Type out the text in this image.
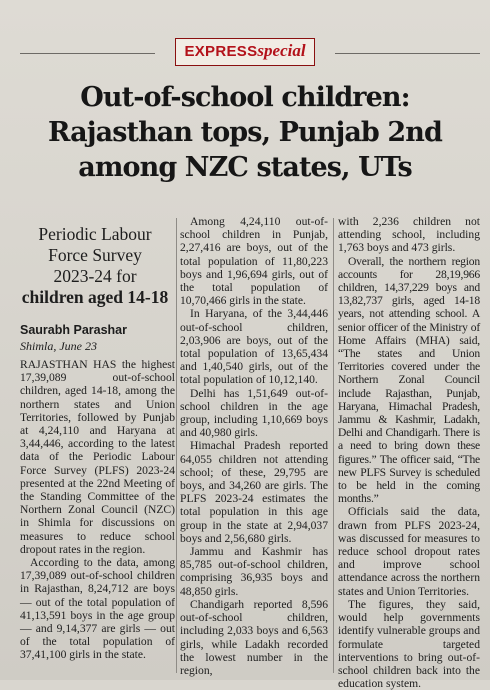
EXPRESSspecial
Out-of-school children:
Rajasthan tops, Punjab 2nd
among NZC states, UTs
Periodic Labour
Force Survey
2023-24 for
children aged 14-18
Saurabh Parashar
Shimla, June 23

RAJASTHAN HAS the highest 17,39,089 out-of-school children, aged 14-18, among the northern states and Union Territories, followed by Punjab at 4,24,110 and Haryana at 3,44,446, according to the latest data of the Periodic Labour Force Survey (PLFS) 2023-24 presented at the 22nd Meeting of the Standing Committee of the Northern Zonal Council (NZC) in Shimla for discussions on measures to reduce school dropout rates in the region.

According to the data, among 17,39,089 out-of-school children in Rajasthan, 8,24,712 are boys — out of the total population of 41,13,591 boys in the age group — and 9,14,377 are girls — out of the total population of 37,41,100 girls in the state.

Among 4,24,110 out-of-school children in Punjab, 2,27,416 are boys, out of the total population of 11,80,223 boys and 1,96,694 girls, out of the total population of 10,70,466 girls in the state.

In Haryana, of the 3,44,446 out-of-school children, 2,03,906 are boys, out of the total population of 13,65,434 and 1,40,540 girls, out of the total population of 10,12,140.

Delhi has 1,51,649 out-of-school children in the age group, including 1,10,669 boys and 40,980 girls.

Himachal Pradesh reported 64,055 children not attending school; of these, 29,795 are boys, and 34,260 are girls. The PLFS 2023-24 estimates the total population in this age group in the state at 2,94,037 boys and 2,56,680 girls.

Jammu and Kashmir has 85,785 out-of-school children, comprising 36,935 boys and 48,850 girls.

Chandigarh reported 8,596 out-of-school children, including 2,033 boys and 6,563 girls, while Ladakh recorded the lowest number in the region,

with 2,236 children not attending school, including 1,763 boys and 473 girls.

Overall, the northern region accounts for 28,19,966 children, 14,37,229 boys and 13,82,737 girls, aged 14-18 years, not attending school. A senior officer of the Ministry of Home Affairs (MHA) said, “The states and Union Territories covered under the Northern Zonal Council include Rajasthan, Punjab, Haryana, Himachal Pradesh, Jammu & Kashmir, Ladakh, Delhi and Chandigarh. There is a need to bring down these figures.” The officer said, “The new PLFS Survey is scheduled to be held in the coming months.”

Officials said the data, drawn from PLFS 2023-24, was discussed for measures to reduce school dropout rates and improve school attendance across the northern states and Union Territories.

The figures, they said, would help governments identify vulnerable groups and formulate targeted interventions to bring out-of-school children back into the education system.
